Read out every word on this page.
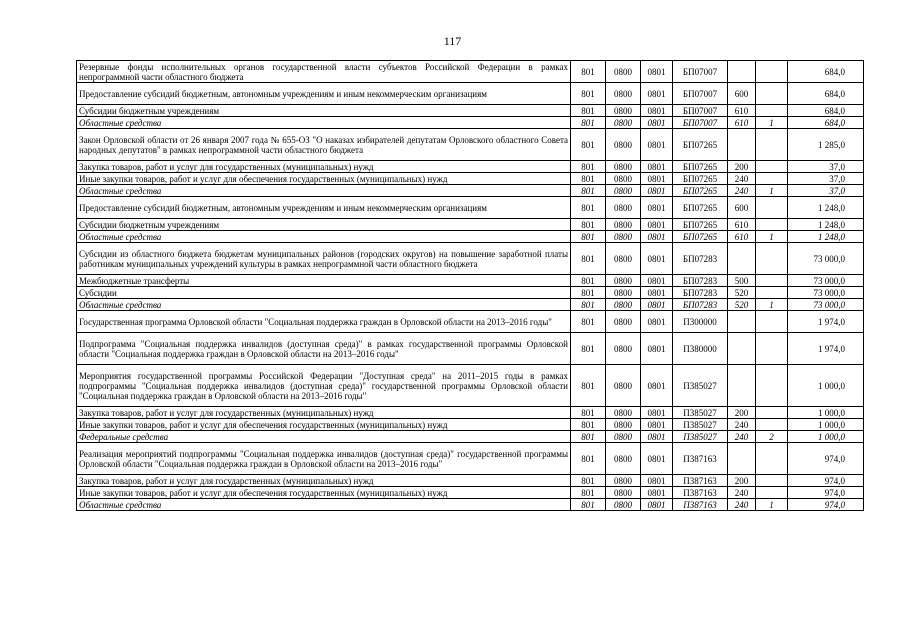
117
Резервные фонды исполнительных органов государственной власти субъектов Российской Федерации в рамках непрограммной части областного бюджета	801	0800	0801	БП07007			684,0
Предоставление субсидий бюджетным, автономным учреждениям и иным некоммерческим организациям	801	0800	0801	БП07007	600		684,0
Субсидии бюджетным учреждениям	801	0800	0801	БП07007	610		684,0
Областные средства	801	0800	0801	БП07007	610	1	684,0
Закон Орловской области от 26 января 2007 года № 655-ОЗ "О наказах избирателей депутатам Орловского областного Совета народных депутатов" в рамках непрограммной части областного бюджета	801	0800	0801	БП07265			1 285,0
Закупка товаров, работ и услуг для государственных (муниципальных) нужд	801	0800	0801	БП07265	200		37,0
Иные закупки товаров, работ и услуг для обеспечения государственных (муниципальных) нужд	801	0800	0801	БП07265	240		37,0
Областные средства	801	0800	0801	БП07265	240	1	37,0
Предоставление субсидий бюджетным, автономным учреждениям и иным некоммерческим организациям	801	0800	0801	БП07265	600		1 248,0
Субсидии бюджетным учреждениям	801	0800	0801	БП07265	610		1 248,0
Областные средства	801	0800	0801	БП07265	610	1	1 248,0
Субсидии из областного бюджета бюджетам муниципальных районов (городских округов) на повышение заработной платы работникам муниципальных учреждений культуры в рамках непрограммной части областного бюджета	801	0800	0801	БП07283			73 000,0
Межбюджетные трансферты	801	0800	0801	БП07283	500		73 000,0
Субсидии	801	0800	0801	БП07283	520		73 000,0
Областные средства	801	0800	0801	БП07283	520	1	73 000,0
Государственная программа Орловской области "Социальная поддержка граждан в Орловской области на 2013–2016 годы"	801	0800	0801	П300000			1 974,0
Подпрограмма "Социальная поддержка инвалидов (доступная среда)" в рамках государственной программы Орловской области "Социальная поддержка граждан в Орловской области на 2013–2016 годы"	801	0800	0801	П380000			1 974,0
Мероприятия государственной программы Российской Федерации "Доступная среда" на 2011–2015 годы в рамках подпрограммы "Социальная поддержка инвалидов (доступная среда)" государственной программы Орловской области "Социальная поддержка граждан в Орловской области на 2013–2016 годы"	801	0800	0801	П385027			1 000,0
Закупка товаров, работ и услуг для государственных (муниципальных) нужд	801	0800	0801	П385027	200		1 000,0
Иные закупки товаров, работ и услуг для обеспечения государственных (муниципальных) нужд	801	0800	0801	П385027	240		1 000,0
Федеральные средства	801	0800	0801	П385027	240	2	1 000,0
Реализация мероприятий подпрограммы "Социальная поддержка инвалидов (доступная среда)" государственной программы Орловской области "Социальная поддержка граждан в Орловской области на 2013–2016 годы"	801	0800	0801	П387163			974,0
Закупка товаров, работ и услуг для государственных (муниципальных) нужд	801	0800	0801	П387163	200		974,0
Иные закупки товаров, работ и услуг для обеспечения государственных (муниципальных) нужд	801	0800	0801	П387163	240		974,0
Областные средства	801	0800	0801	П387163	240	1	974,0
